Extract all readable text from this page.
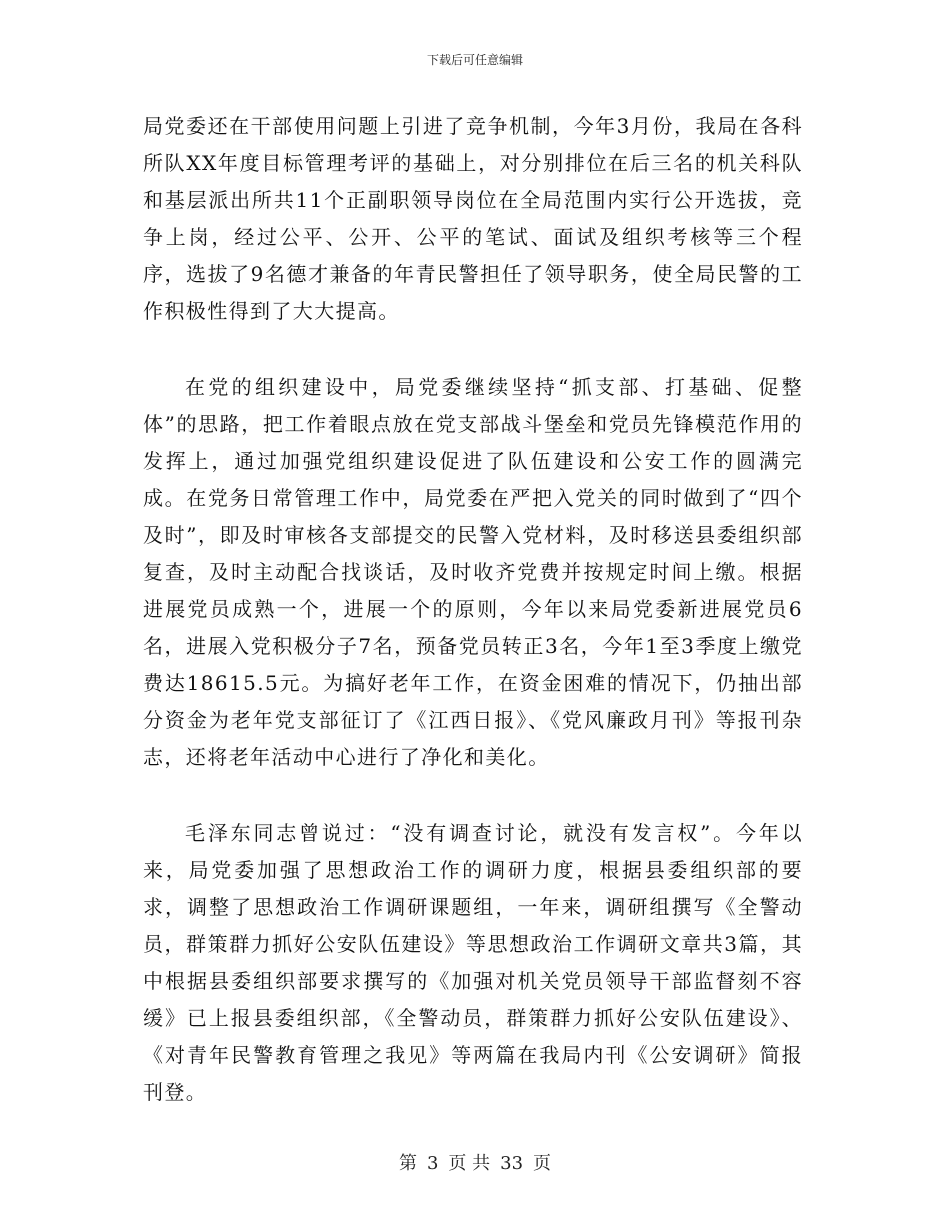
下载后可任意编辑

局党委还在干部使用问题上引进了竞争机制，今年3月份，我局在各科所队XX年度目标管理考评的基础上，对分别排位在后三名的机关科队和基层派出所共11个正副职领导岗位在全局范围内实行公开选拔，竞争上岗，经过公平、公开、公平的笔试、面试及组织考核等三个程序，选拔了9名德才兼备的年青民警担任了领导职务，使全局民警的工作积极性得到了大大提高。

在党的组织建设中，局党委继续坚持“抓支部、打基础、促整体”的思路，把工作着眼点放在党支部战斗堡垒和党员先锋模范作用的发挥上，通过加强党组织建设促进了队伍建设和公安工作的圆满完成。在党务日常管理工作中，局党委在严把入党关的同时做到了“四个及时”，即及时审核各支部提交的民警入党材料，及时移送县委组织部复查，及时主动配合找谈话，及时收齐党费并按规定时间上缴。根据进展党员成熟一个，进展一个的原则，今年以来局党委新进展党员6名，进展入党积极分子7名，预备党员转正3名，今年1至3季度上缴党费达18615.5元。为搞好老年工作，在资金困难的情况下，仍抽出部分资金为老年党支部征订了《江西日报》、《党风廉政月刊》等报刊杂志，还将老年活动中心进行了净化和美化。

毛泽东同志曾说过：“没有调查讨论，就没有发言权”。今年以来，局党委加强了思想政治工作的调研力度，根据县委组织部的要求，调整了思想政治工作调研课题组，一年来，调研组撰写《全警动员，群策群力抓好公安队伍建设》等思想政治工作调研文章共3篇，其中根据县委组织部要求撰写的《加强对机关党员领导干部监督刻不容缓》已上报县委组织部，《全警动员，群策群力抓好公安队伍建设》、《对青年民警教育管理之我见》等两篇在我局内刊《公安调研》简报刊登。

第 3 页 共 33 页
